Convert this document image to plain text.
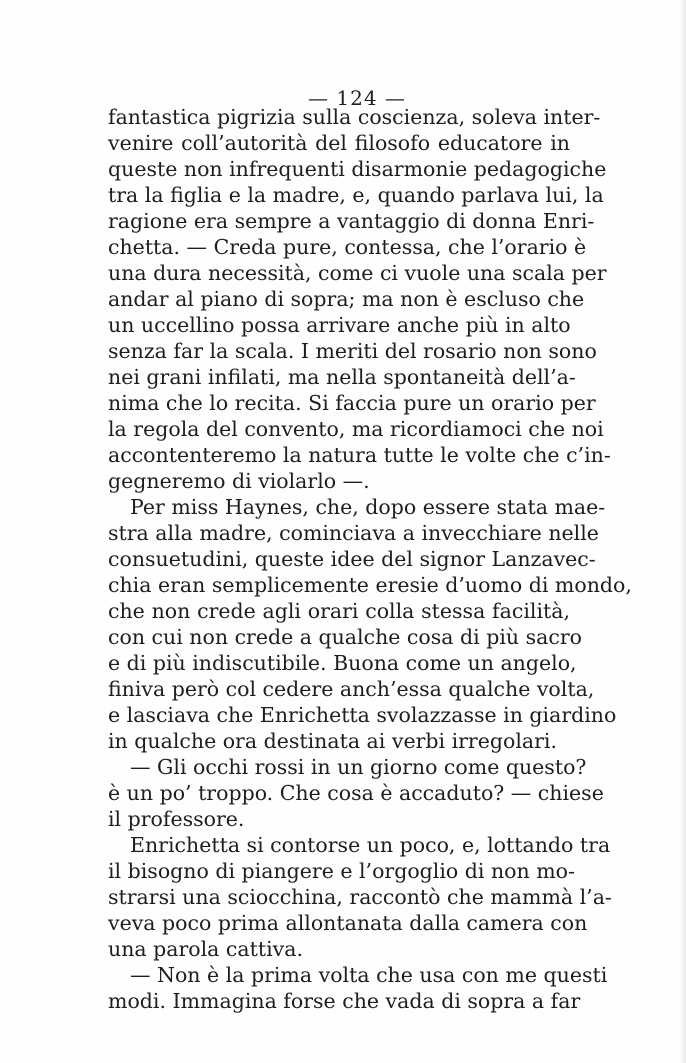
— 124 —
fantastica pigrizia sulla coscienza, soleva inter-
venire coll’autorità del filosofo educatore in
queste non infrequenti disarmonie pedagogiche
tra la figlia e la madre, e, quando parlava lui, la
ragione era sempre a vantaggio di donna Enri-
chetta. — Creda pure, contessa, che l’orario è
una dura necessità, come ci vuole una scala per
andar al piano di sopra; ma non è escluso che
un uccellino possa arrivare anche più in alto
senza far la scala. I meriti del rosario non sono
nei grani infilati, ma nella spontaneità dell’a-
nima che lo recita. Si faccia pure un orario per
la regola del convento, ma ricordiamoci che noi
accontenteremo la natura tutte le volte che c’in-
gegneremo di violarlo —.
Per miss Haynes, che, dopo essere stata mae-
stra alla madre, cominciava a invecchiare nelle
consuetudini, queste idee del signor Lanzavec-
chia eran semplicemente eresie d’uomo di mondo,
che non crede agli orari colla stessa facilità,
con cui non crede a qualche cosa di più sacro
e di più indiscutibile. Buona come un angelo,
finiva però col cedere anch’essa qualche volta,
e lasciava che Enrichetta svolazzasse in giardino
in qualche ora destinata ai verbi irregolari.
— Gli occhi rossi in un giorno come questo?
è un po’ troppo. Che cosa è accaduto? — chiese
il professore.
Enrichetta si contorse un poco, e, lottando tra
il bisogno di piangere e l’orgoglio di non mo-
strarsi una sciocchina, raccontò che mammà l’a-
veva poco prima allontanata dalla camera con
una parola cattiva.
— Non è la prima volta che usa con me questi
modi. Immagina forse che vada di sopra a far
